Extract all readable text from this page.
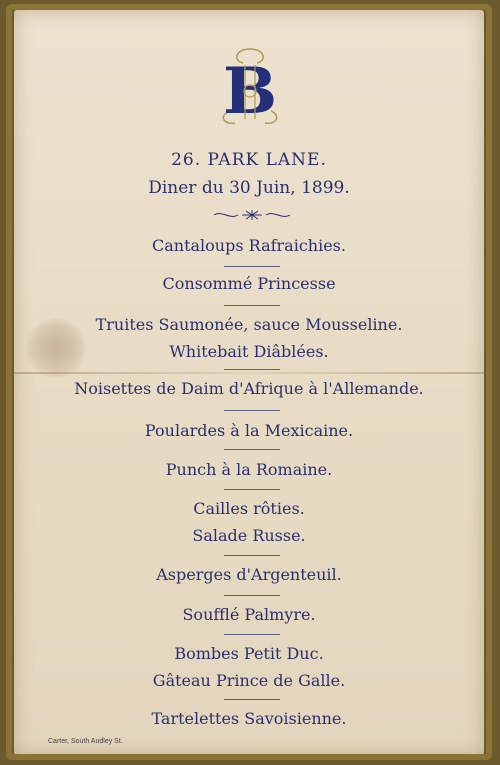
B
26. PARK LANE.
Diner du 30 Juin, 1899.
Cantaloups Rafraichies.
Consommé Princesse
Truites Saumonée, sauce Mousseline.
Whitebait Diâblées.
Noisettes de Daim d'Afrique à l'Allemande.
Poulardes à la Mexicaine.
Punch à la Romaine.
Cailles rôties.
Salade Russe.
Asperges d'Argenteuil.
Soufflé Palmyre.
Bombes Petit Duc.
Gâteau Prince de Galle.
Tartelettes Savoisienne.
Carter, South Audley St.
